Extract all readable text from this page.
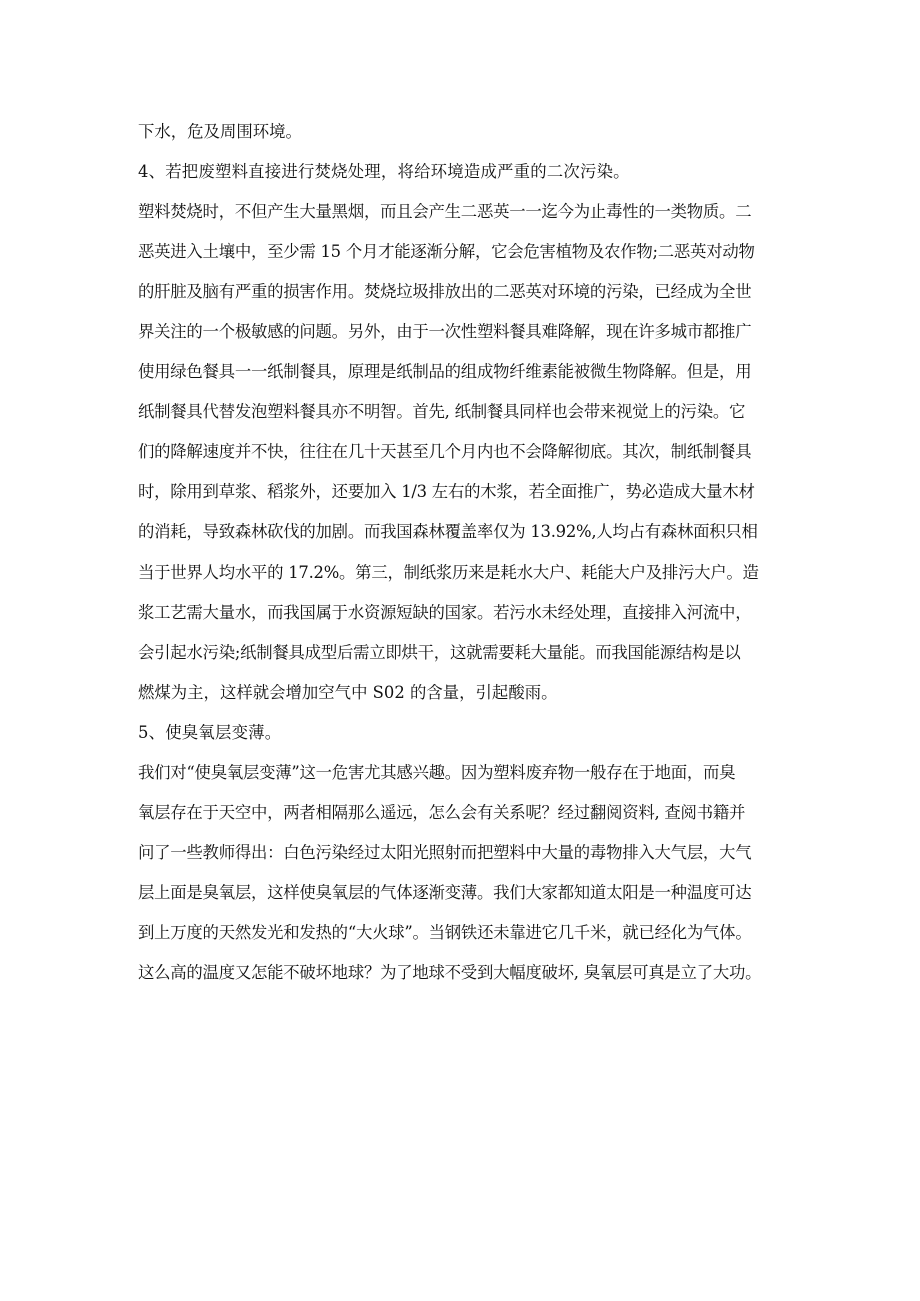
下水，危及周围环境。
4、若把废塑料直接进行焚烧处理，将给环境造成严重的二次污染。
塑料焚烧时，不但产生大量黑烟，而且会产生二恶英一一迄今为止毒性的一类物质。二
恶英进入土壤中，至少需 15 个月才能逐渐分解，它会危害植物及农作物;二恶英对动物
的肝脏及脑有严重的损害作用。焚烧垃圾排放出的二恶英对环境的污染，已经成为全世
界关注的一个极敏感的问题。另外，由于一次性塑料餐具难降解，现在许多城市都推广
使用绿色餐具一一纸制餐具，原理是纸制品的组成物纤维素能被微生物降解。但是，用
纸制餐具代替发泡塑料餐具亦不明智。首先, 纸制餐具同样也会带来视觉上的污染。它
们的降解速度并不快，往往在几十天甚至几个月内也不会降解彻底。其次，制纸制餐具
时，除用到草浆、稻浆外，还要加入 1/3 左右的木浆，若全面推广，势必造成大量木材
的消耗，导致森林砍伐的加剧。而我国森林覆盖率仅为 13.92%,人均占有森林面积只相
当于世界人均水平的 17.2%。第三，制纸浆历来是耗水大户、耗能大户及排污大户。造
浆工艺需大量水，而我国属于水资源短缺的国家。若污水未经处理，直接排入河流中，
会引起水污染;纸制餐具成型后需立即烘干，这就需要耗大量能。而我国能源结构是以
燃煤为主，这样就会增加空气中 S02 的含量，引起酸雨。
5、使臭氧层变薄。
我们对“使臭氧层变薄”这一危害尤其感兴趣。因为塑料废弃物一般存在于地面，而臭
氧层存在于天空中，两者相隔那么遥远，怎么会有关系呢？经过翻阅资料, 查阅书籍并
问了一些教师得出：白色污染经过太阳光照射而把塑料中大量的毒物排入大气层，大气
层上面是臭氧层，这样使臭氧层的气体逐渐变薄。我们大家都知道太阳是一种温度可达
到上万度的天然发光和发热的“大火球”。当钢铁还未靠进它几千米，就已经化为气体。
这么高的温度又怎能不破坏地球？为了地球不受到大幅度破坏, 臭氧层可真是立了大功。
